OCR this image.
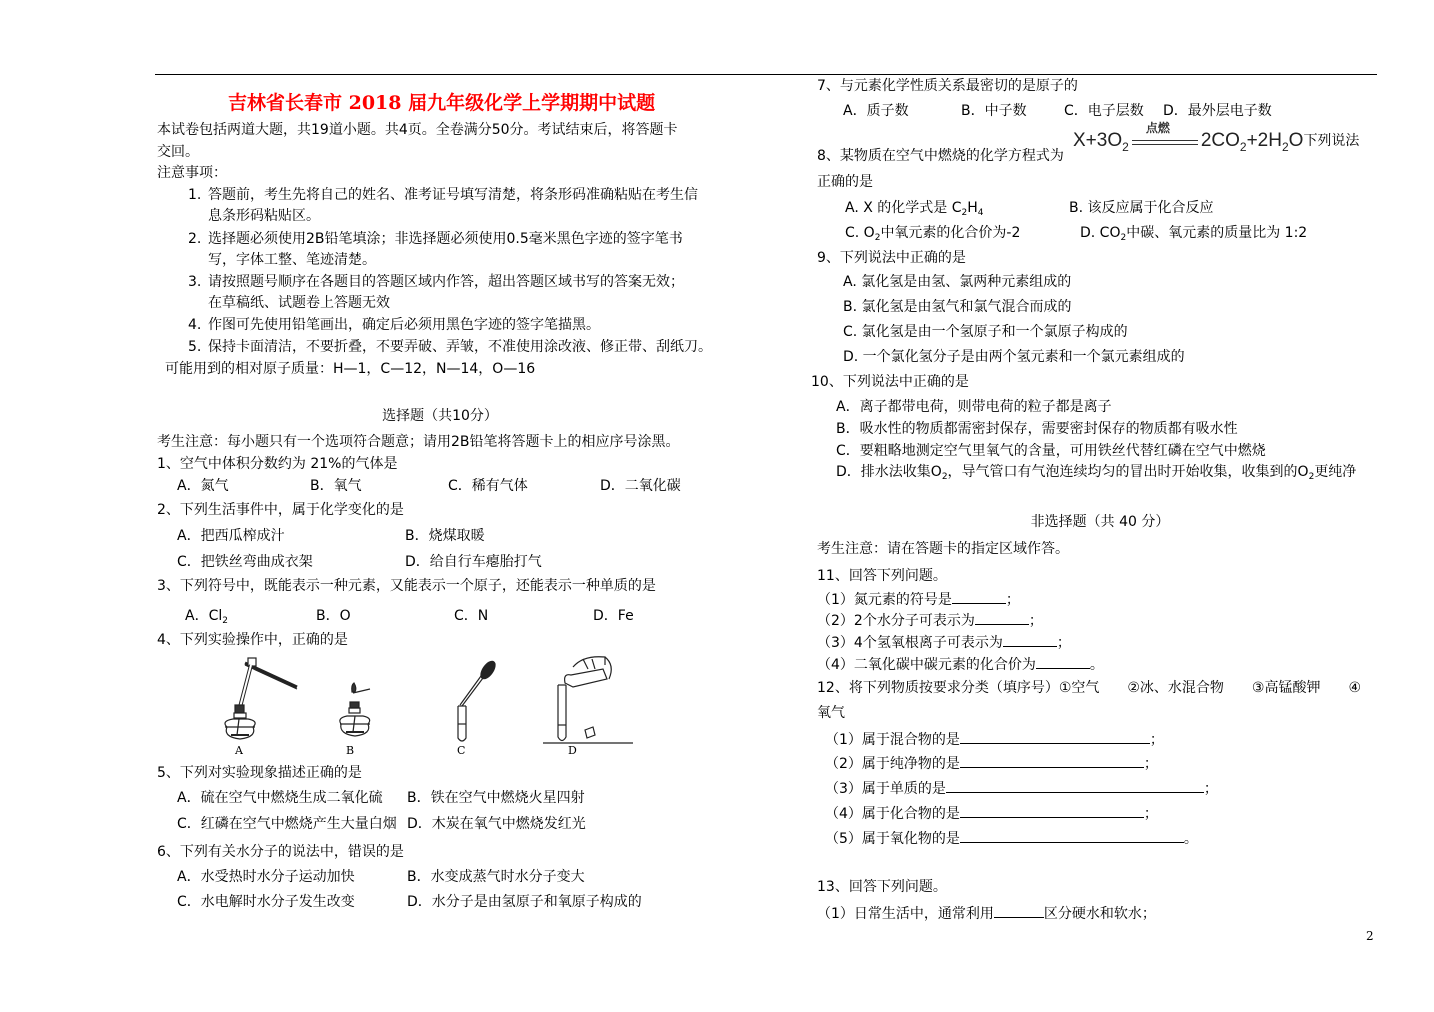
吉林省长春市 2018 届九年级化学上学期期中试题
本试卷包括两道大题，共19道小题。共4页。全卷满分50分。考试结束后，将答题卡
交回。
注意事项：
1. 答题前，考生先将自己的姓名、准考证号填写清楚，将条形码准确粘贴在考生信
息条形码粘贴区。
2. 选择题必须使用2B铅笔填涂；非选择题必须使用0.5毫米黑色字迹的签字笔书
写，字体工整、笔迹清楚。
3. 请按照题号顺序在各题目的答题区域内作答，超出答题区域书写的答案无效；
在草稿纸、试题卷上答题无效
4. 作图可先使用铅笔画出，确定后必须用黑色字迹的签字笔描黑。
5. 保持卡面清洁，不要折叠，不要弄破、弄皱，不准使用涂改液、修正带、刮纸刀。
可能用到的相对原子质量：H—1，C—12，N—14，O—16
选择题（共10分）
考生注意：每小题只有一个选项符合题意；请用2B铅笔将答题卡上的相应序号涂黑。
1、空气中体积分数约为 21%的气体是
A．氮气	B．氧气	C．稀有气体	D．二氧化碳
2、下列生活事件中，属于化学变化的是
A．把西瓜榨成汁	B．烧煤取暖
C．把铁丝弯曲成衣架	D．给自行车瘪胎打气
3、下列符号中，既能表示一种元素，又能表示一个原子，还能表示一种单质的是
A．$Cl_2$	B．O	C．N	D．Fe
4、下列实验操作中，正确的是
A	B	C	D
5、下列对实验现象描述正确的是
A．硫在空气中燃烧生成二氧化硫 B．铁在空气中燃烧火星四射
C．红磷在空气中燃烧产生大量白烟 D．木炭在氧气中燃烧发红光
6、下列有关水分子的说法中，错误的是
A．水受热时水分子运动加快	B．水变成蒸气时水分子变大
C．水电解时水分子发生改变	D．水分子是由氢原子和氧原子构成的
7、与元素化学性质关系最密切的是原子的
A．质子数	B．中子数	C．电子层数 D．最外层电子数
8、某物质在空气中燃烧的化学方程式为
$X+3O_2$
点燃
$2CO_2+2H_2O$下列说法
正确的是
A. X 的化学式是 $C_2H_4$	B. 该反应属于化合反应
C. $O_2$中氧元素的化合价为-2	D. $CO_2$中碳、氧元素的质量比为 1:2
9、下列说法中正确的是
A. 氯化氢是由氢、氯两种元素组成的
B. 氯化氢是由氢气和氯气混合而成的
C. 氯化氢是由一个氢原子和一个氯原子构成的
D. 一个氯化氢分子是由两个氢元素和一个氯元素组成的
10、下列说法中正确的是
A．离子都带电荷，则带电荷的粒子都是离子
B．吸水性的物质都需密封保存，需要密封保存的物质都有吸水性
C．要粗略地测定空气里氧气的含量，可用铁丝代替红磷在空气中燃烧
D．排水法收集$O_2$，导气管口有气泡连续均匀的冒出时开始收集，收集到的$O_2$更纯净
非选择题（共 40 分）
考生注意：请在答题卡的指定区域作答。
11、回答下列问题。
（1）氮元素的符号是	；
（2）2个水分子可表示为	；
（3）4个氢氧根离子可表示为	；
（4）二氧化碳中碳元素的化合价为	。
12、将下列物质按要求分类（填序号）①空气　　②冰、水混合物　　③高锰酸钾　　④
氧气
（1）属于混合物的是	；
（2）属于纯净物的是	；
（3）属于单质的是	；
（4）属于化合物的是	；
（5）属于氧化物的是	。
13、回答下列问题。
（1）日常生活中，通常利用	区分硬水和软水；
2
